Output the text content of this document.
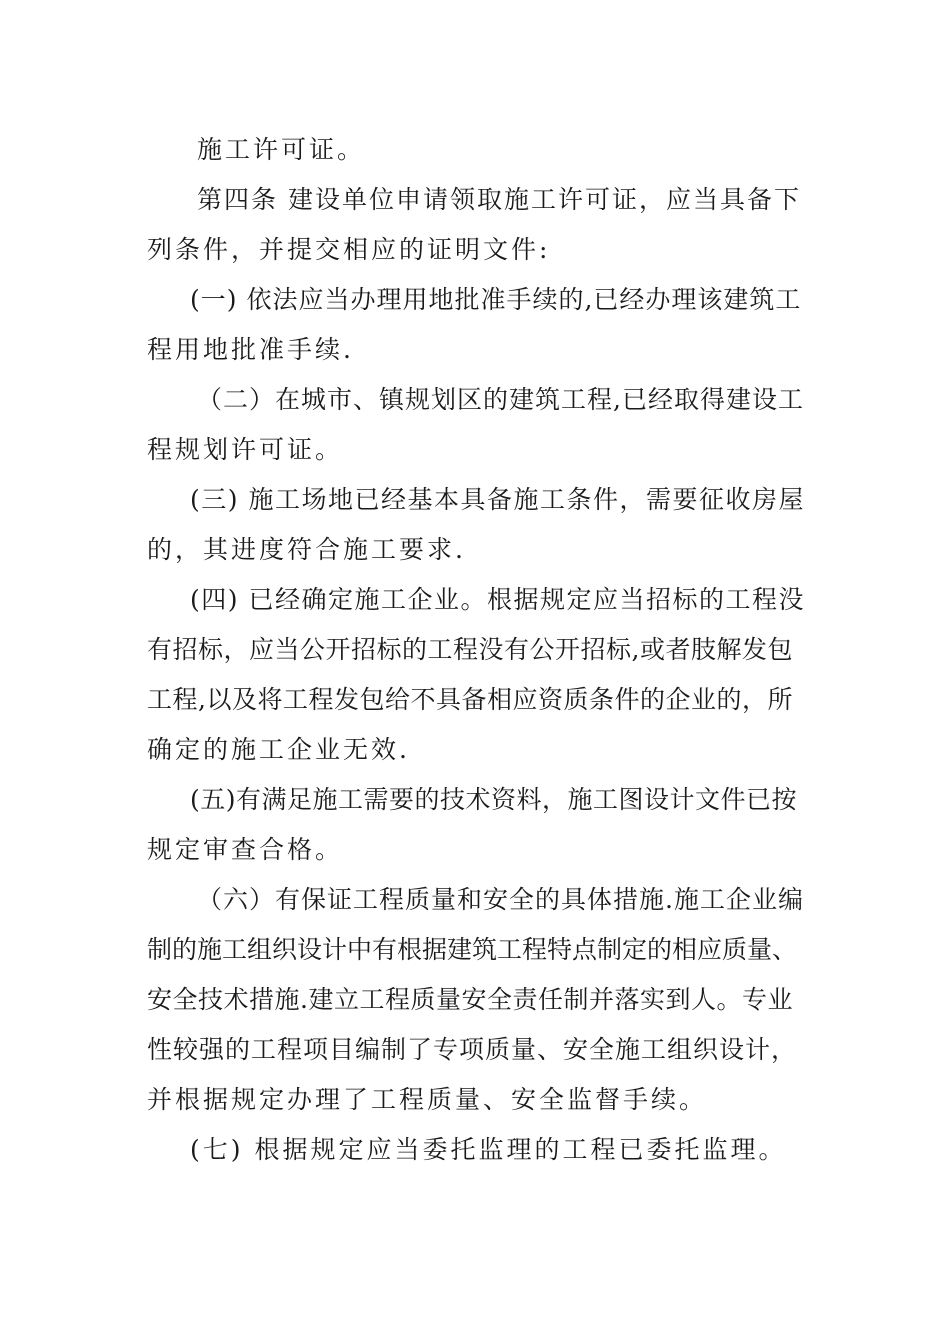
施工许可证。
第四条 建设单位申请领取施工许可证，应当具备下
列条件，并提交相应的证明文件:
(一) 依法应当办理用地批准手续的,已经办理该建筑工
程用地批准手续.
（二）在城市、镇规划区的建筑工程,已经取得建设工
程规划许可证。
(三) 施工场地已经基本具备施工条件，需要征收房屋
的，其进度符合施工要求.
(四) 已经确定施工企业。根据规定应当招标的工程没
有招标，应当公开招标的工程没有公开招标,或者肢解发包
工程,以及将工程发包给不具备相应资质条件的企业的，所
确定的施工企业无效.
(五)有满足施工需要的技术资料，施工图设计文件已按
规定审查合格。
（六）有保证工程质量和安全的具体措施.施工企业编
制的施工组织设计中有根据建筑工程特点制定的相应质量、
安全技术措施.建立工程质量安全责任制并落实到人。专业
性较强的工程项目编制了专项质量、安全施工组织设计，
并根据规定办理了工程质量、安全监督手续。
(七) 根据规定应当委托监理的工程已委托监理。
